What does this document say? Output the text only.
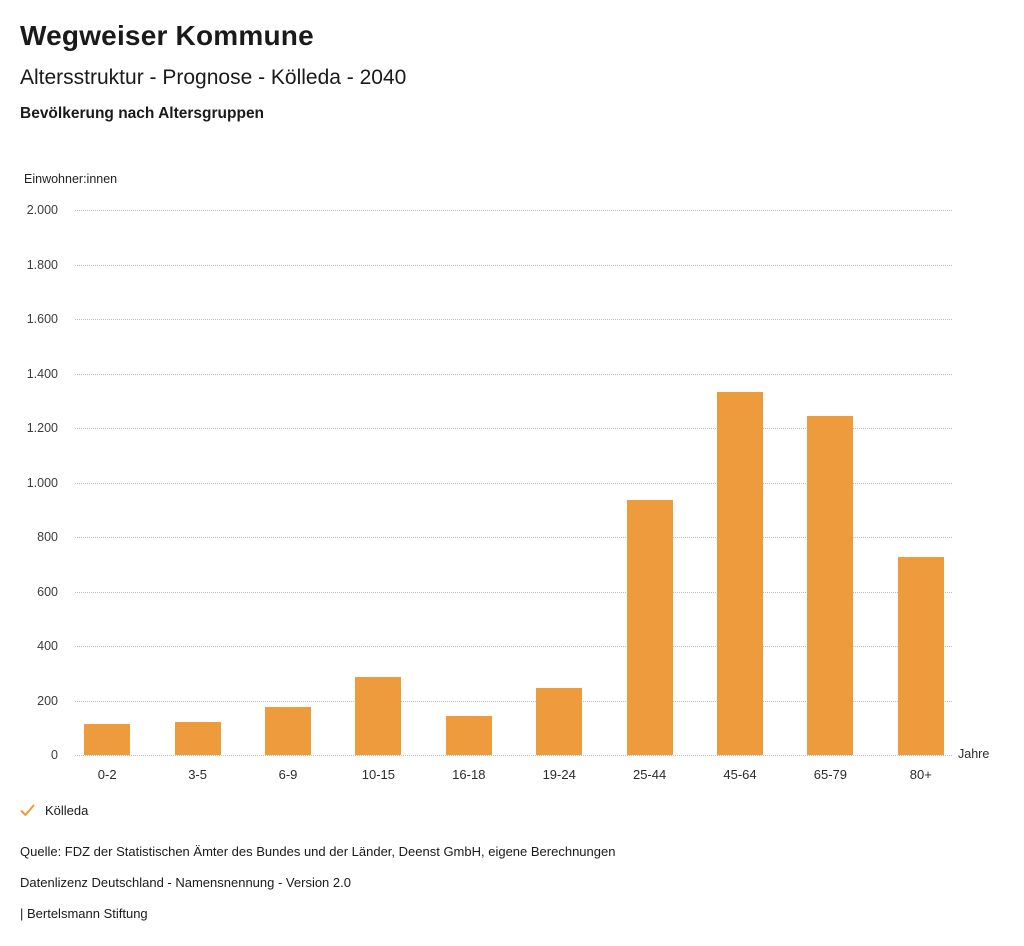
Wegweiser Kommune
Altersstruktur - Prognose - Kölleda - 2040
Bevölkerung nach Altersgruppen
Einwohner:innen
0
200
400
600
800
1.000
1.200
1.400
1.600
1.800
2.000
0-2	3-5	6-9	10-15	16-18	19-24	25-44	45-64	65-79	80+
Jahre
Kölleda
Quelle: FDZ der Statistischen Ämter des Bundes und der Länder, Deenst GmbH, eigene Berechnungen
Datenlizenz Deutschland - Namensnennung - Version 2.0
| Bertelsmann Stiftung
